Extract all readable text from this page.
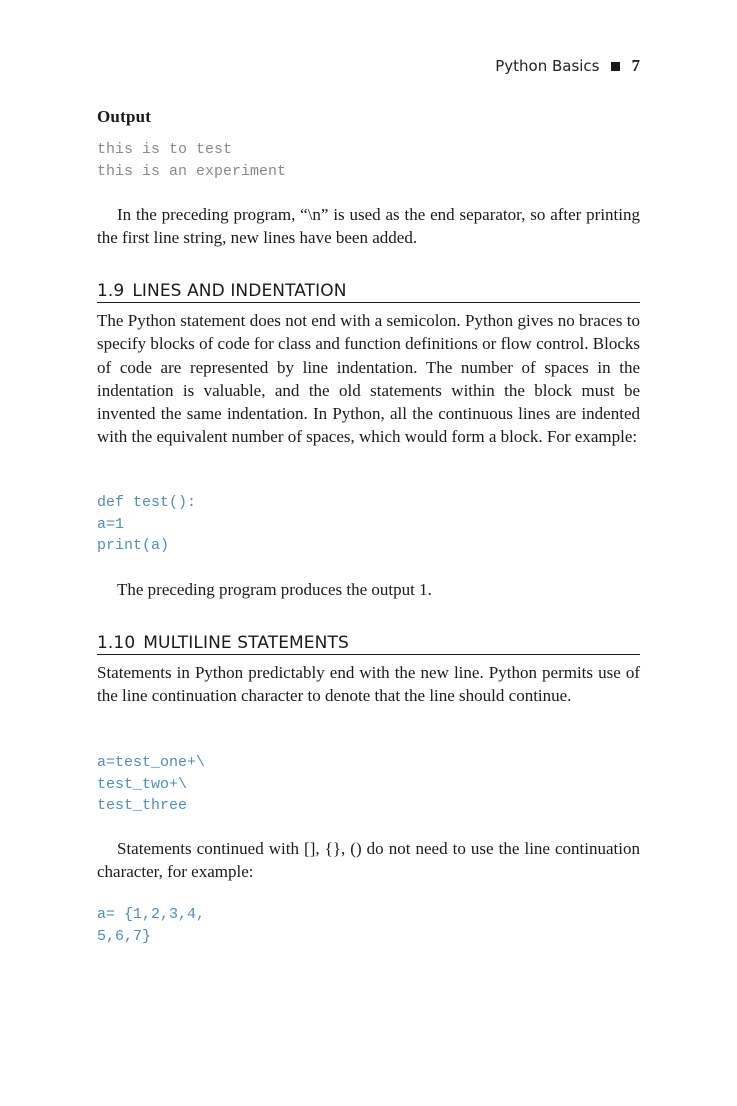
Python Basics 7
Output
this is to test
this is an experiment

In the preceding program, “\n” is used as the end separator, so after printing the first line string, new lines have been added.

1.9 LINES AND INDENTATION

The Python statement does not end with a semicolon. Python gives no braces to specify blocks of code for class and function definitions or flow control. Blocks of code are represented by line indentation. The number of spaces in the indentation is valuable, and the old statements within the block must be invented the same indentation. In Python, all the continuous lines are indented with the equivalent number of spaces, which would form a block. For example:

def test():
a=1
print(a)

The preceding program produces the output 1.

1.10 MULTILINE STATEMENTS

Statements in Python predictably end with the new line. Python permits use of the line continuation character to denote that the line should continue.

a=test_one+\
test_two+\
test_three

Statements continued with [], {}, () do not need to use the line continuation character, for example:

a= {1,2,3,4,
5,6,7}
